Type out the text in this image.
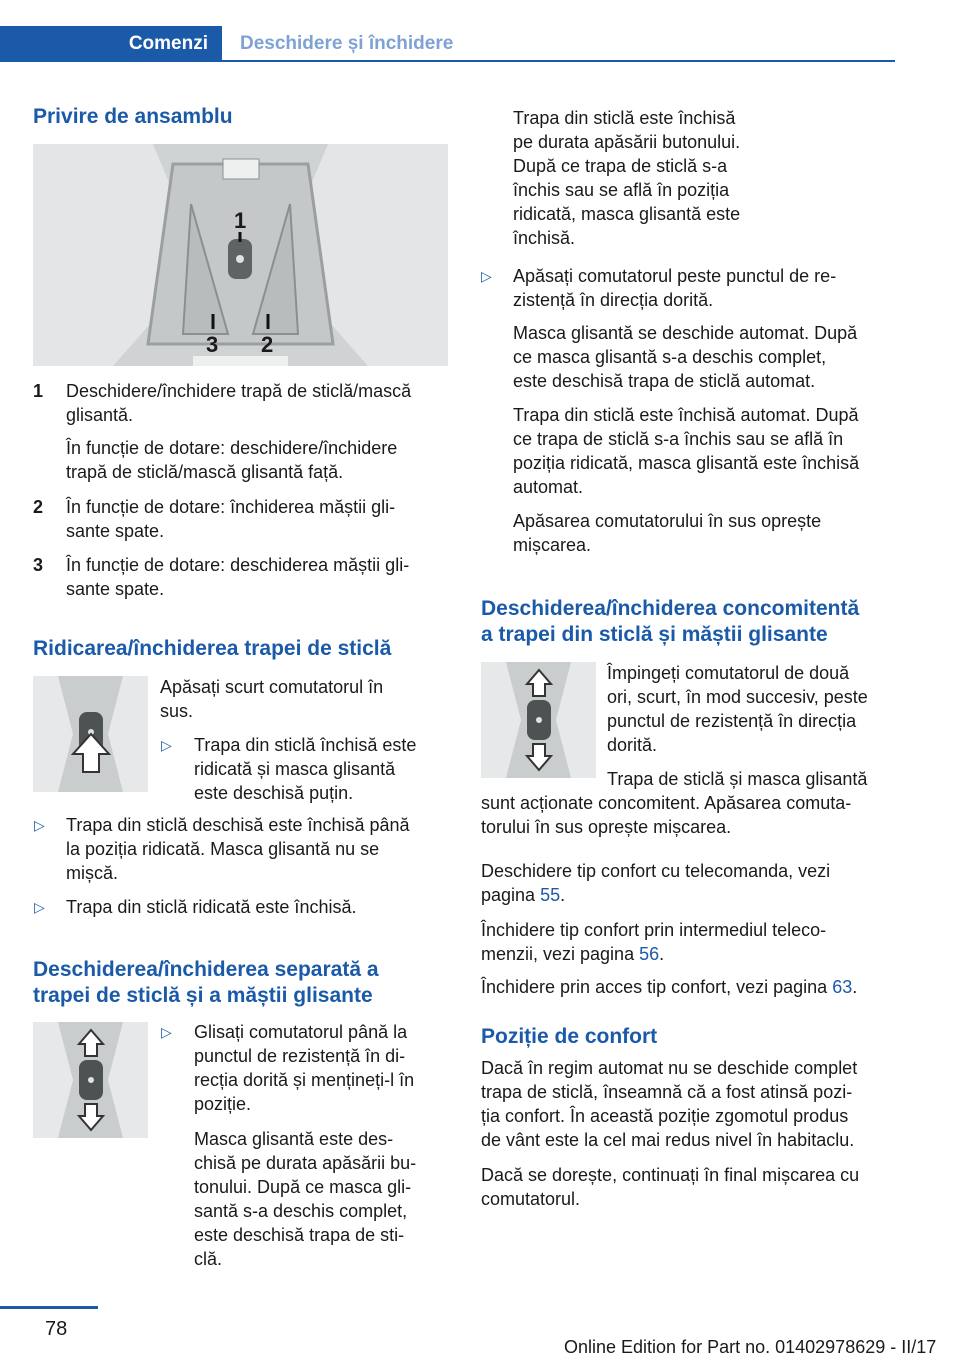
Comenzi Deschidere și închidere
Privire de ansamblu
1
3 2
1 Deschidere/închidere trapă de sticlă/mască
glisantă.
În funcție de dotare: deschidere/închidere
trapă de sticlă/mască glisantă față.
2 În funcție de dotare: închiderea măștii gli-
sante spate.
3 În funcție de dotare: deschiderea măștii gli-
sante spate.
Ridicarea/închiderea trapei de sticlă
Apăsați scurt comutatorul în
sus.
▷ Trapa din sticlă închisă este
ridicată și masca glisantă
este deschisă puțin.
▷ Trapa din sticlă deschisă este închisă până
la poziția ridicată. Masca glisantă nu se
mișcă.
▷ Trapa din sticlă ridicată este închisă.
Deschiderea/închiderea separată a
trapei de sticlă și a măștii glisante
▷ Glisați comutatorul până la
punctul de rezistență în di-
recția dorită și mențineți-l în
poziție.
Masca glisantă este des-
chisă pe durata apăsării bu-
tonului. După ce masca gli-
santă s-a deschis complet,
este deschisă trapa de sti-
clă.
Trapa din sticlă este închisă
pe durata apăsării butonului.
După ce trapa de sticlă s-a
închis sau se află în poziția
ridicată, masca glisantă este
închisă.
▷ Apăsați comutatorul peste punctul de re-
zistență în direcția dorită.
Masca glisantă se deschide automat. După
ce masca glisantă s-a deschis complet,
este deschisă trapa de sticlă automat.
Trapa din sticlă este închisă automat. După
ce trapa de sticlă s-a închis sau se află în
poziția ridicată, masca glisantă este închisă
automat.
Apăsarea comutatorului în sus oprește
mișcarea.
Deschiderea/închiderea concomitentă
a trapei din sticlă și măștii glisante
Împingeți comutatorul de două
ori, scurt, în mod succesiv, peste
punctul de rezistență în direcția
dorită.
Trapa de sticlă și masca glisantă
sunt acționate concomitent. Apăsarea comuta-
torului în sus oprește mișcarea.
Deschidere tip confort cu telecomanda, vezi
pagina 55.
Închidere tip confort prin intermediul teleco-
menzii, vezi pagina 56.
Închidere prin acces tip confort, vezi pagina 63.
Poziție de confort
Dacă în regim automat nu se deschide complet
trapa de sticlă, înseamnă că a fost atinsă pozi-
ția confort. În această poziție zgomotul produs
de vânt este la cel mai redus nivel în habitaclu.
Dacă se dorește, continuați în final mișcarea cu
comutatorul.
78
Online Edition for Part no. 01402978629 - II/17
